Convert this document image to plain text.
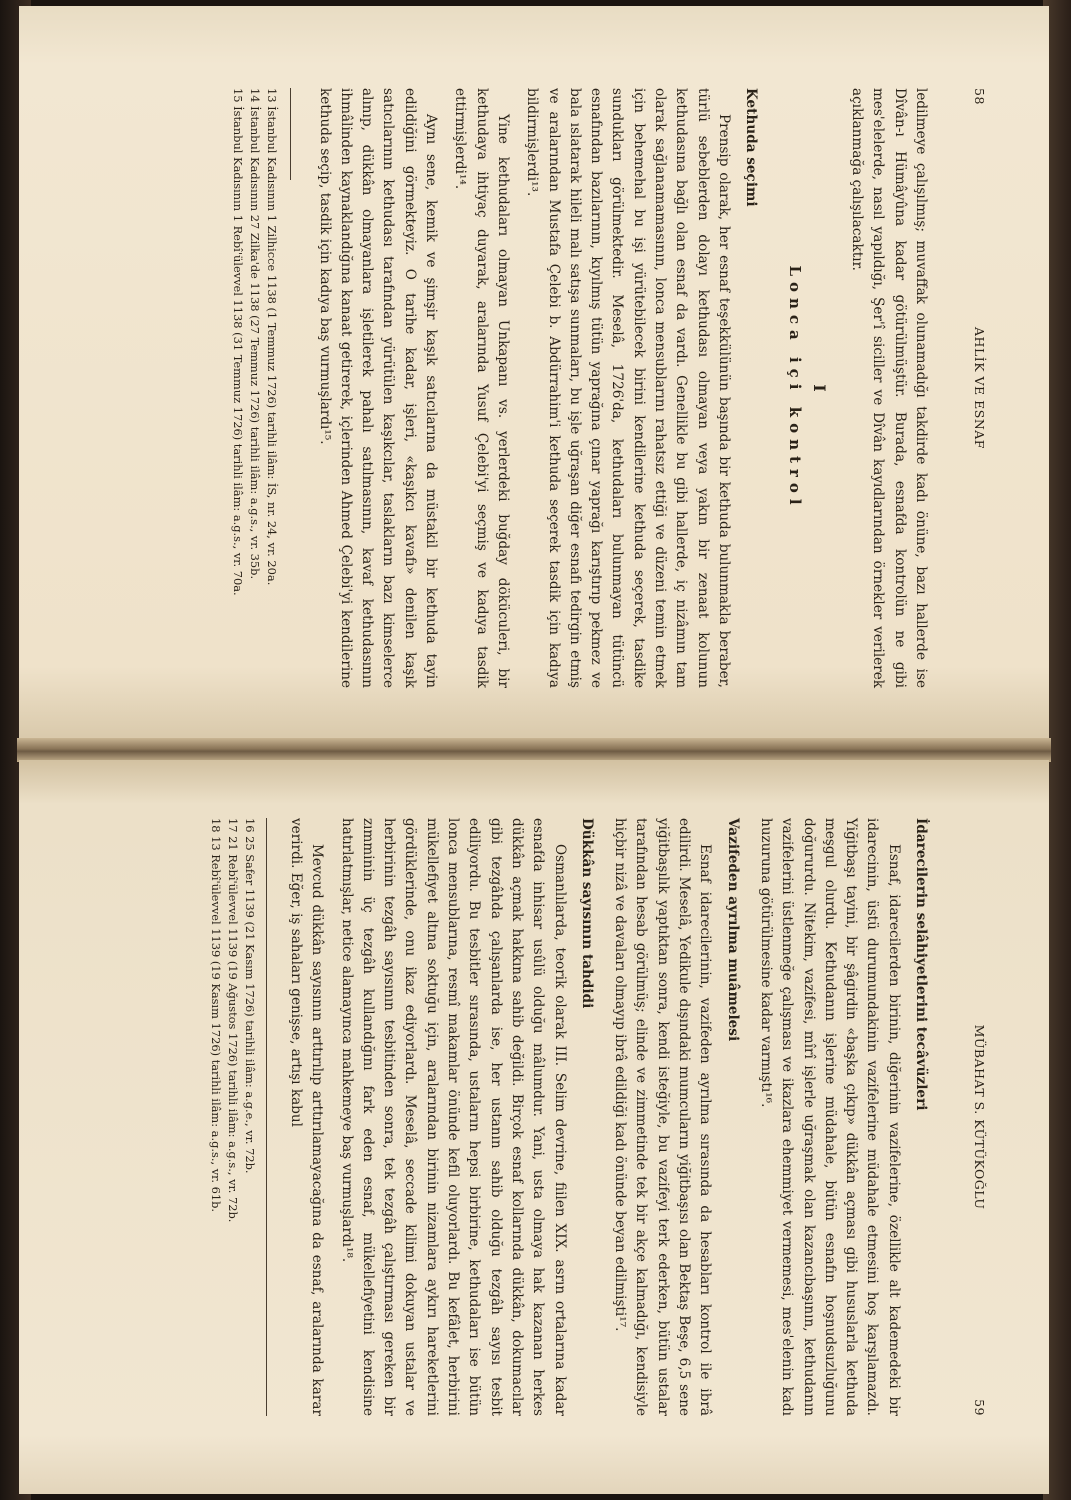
58
AHLİK VE ESNAF

ledilmeye çalışılmış; muvaffak olunamadığı takdirde kadı önüne, bazı hallerde ise Dîvân-ı Hümâyûna kadar götürülmüştür. Burada, esnafda kontrolün ne gibi mes'elelerde, nasıl yapıldığı, Şer'î siciller ve Dîvân kayıdlarından örnekler verilerek açıklanmağa çalışılacaktır.

I
Lonca içi kontrol
Kethuda seçimi

Prensip olarak, her esnaf teşekkülünün başında bir kethuda bulunmakla beraber, türlü sebeblerden dolayı kethudası olmayan veya yakın bir zenaat kolunun kethudasına bağlı olan esnaf da vardı. Genellikle bu gibi hallerde, iç nizâmın tam olarak sağlanamamasının, lonca mensublarını rahatsız ettiği ve düzeni temin etmek için behemehal bu işi yürütebilecek birini kendilerine kethuda seçerek, tasdike sundukları görülmektedir. Meselâ, 1726'da, kethudaları bulunmayan tütüncü esnafından bazılarının, kıyılmış tütün yaprağına çınar yaprağı karıştırıp pekmez ve bala ıslatarak hileli malı satışa sunmaları, bu işle uğraşan diğer esnafı tedirgin etmiş ve aralarından Mustafa Çelebi b. Abdürrahim'i kethuda seçerek tasdik için kadıya bildirmişlerdi¹³.

Yine kethudaları olmayan Unkapanı vs. yerlerdeki buğday döküculeri, bir kethudaya ihtiyaç duyarak, aralarında Yusuf Çelebi'yi seçmiş ve kadıya tasdik ettirmişlerdi¹⁴.

Aynı sene, kemik ve şimşir kaşık satıcılarına da müstakil bir kethuda tayin edildiğini görmekteyiz. O tarihe kadar, işleri, «kaşıkcı kavafı» denilen kaşık satıcılarının kethudası tarafından yürütülen kaşıkcılar, taslakların bazı kimselerce alınıp, dükkân olmayanlara işletilerek pahalı satılmasının, kavaf kethudasının ihmâlinden kaynaklandığına kanaat getirerek, içlerinden Ahmed Çelebi'yi kendilerine kethuda seçip, tasdik için kadıya baş vurmuşlardı¹⁵.

13 İstanbul Kadısının 1 Zilhicce 1138 (1 Temmuz 1726) tarihli ilâm: İS, nr. 24, vr. 20a.

14 İstanbul Kadısının 27 Zilka'de 1138 (27 Temmuz 1726) tarihli ilâm: a.g.s., vr. 35b.

15 İstanbul Kadısının 1 Rebî'ülevvel 1138 (31 Temmuz 1726) tarihli ilâm: a.g.s., vr. 70a.

MÜBAHAT S. KÜTÜKOĞLU
59
İdarecilerin selâhiyetlerini tecâvüzleri

Esnaf, idarecilerden birinin, diğerinin vazifelerine, özellikle alt kademedeki bir idarecinin, üstü durumundakinin vazifelerine müdahale etmesini hoş karşılamazdı. Yiğitbaşı tayini, bir şâgirdin «başka çıkıp» dükkân açması gibi hususlarla kethuda meşgul olurdu. Kethudanın işlerine müdahale, bütün esnafın hoşnudsuzluğunu doğururdu. Nitekim, vazifesi, mîrî işlerle uğraşmak olan kazancıbaşının, kethudanın vazifelerini üstlenmeğe çalışması ve ikazlara ehemmiyet vermemesi, mes'elenin kadı huzuruna götürülmesine kadar varmıştı¹⁶.

Vazifeden ayrılma muâmelesi

Esnaf idarecilerinin, vazifeden ayrılma sırasında da hesabları kontrol ile ibrâ edilirdi. Meselâ, Yedikule dışındaki mumcuların yiğitbaşısı olan Bektaş Beşe, 6,5 sene yiğitbaşılık yaptıktan sonra, kendi isteğiyle, bu vazifeyi terk ederken, bütün ustalar tarafından hesab görülmüş; elinde ve zimmetinde tek bir akçe kalmadığı, kendisiyle hiçbir nizâ ve davaları olmayıp ibrâ edildiği kadı önünde beyan edilmişti¹⁷.

Dükkân sayısının tahdidi

Osmanlılarda, teorik olarak III. Selim devrine, fiilen XIX. asrın ortalarına kadar esnafda inhisar usûlü olduğu mâlumdur. Yani, usta olmaya hak kazanan herkes dükkân açmak hakkına sahib değildi. Birçok esnaf kollarında dükkân, dokumacılar gibi tezgâhda çalışanlarda ise, her ustanın sahib olduğu tezgâh sayısı tesbit ediliyordu. Bu tesbitler sırasında, ustaların hepsi birbirine, kethudaları ise bütün lonca mensublarına, resmî makamlar önünde kefil oluyorlardı. Bu kefâlet, herbirini mükellefiyet altına soktuğu için, aralarından birinin nizamlara aykırı hareketlerini gördüklerinde, onu ikaz ediyorlardı. Meselâ, seccade kilimi dokuyan ustalar ve herbirinin tezgâh sayısının tesbitinden sonra, tek tezgâh çalıştırması gereken bir zımminin üç tezgâh kullandığını fark eden esnaf, mükellefiyetini kendisine hatırlatmışlar, netice alamayınca mahkemeye baş vurmuşlardı¹⁸.

Mevcud dükkân sayısının arttırılıp arttırılamayacağına da esnaf, aralarında karar verirdi. Eğer, iş sahaları genişse, artışı kabul

16 25 Safer 1139 (21 Kasım 1726) tarihli ilâm: a.g.e., vr. 72b.

17 21 Rebî'ülevvel 1139 (19 Ağustos 1726) tarihli ilâm: a.g.s., vr. 72b.

18 13 Rebî'ülevvel 1139 (19 Kasım 1726) tarihli ilâm: a.g.s., vr. 61b.
